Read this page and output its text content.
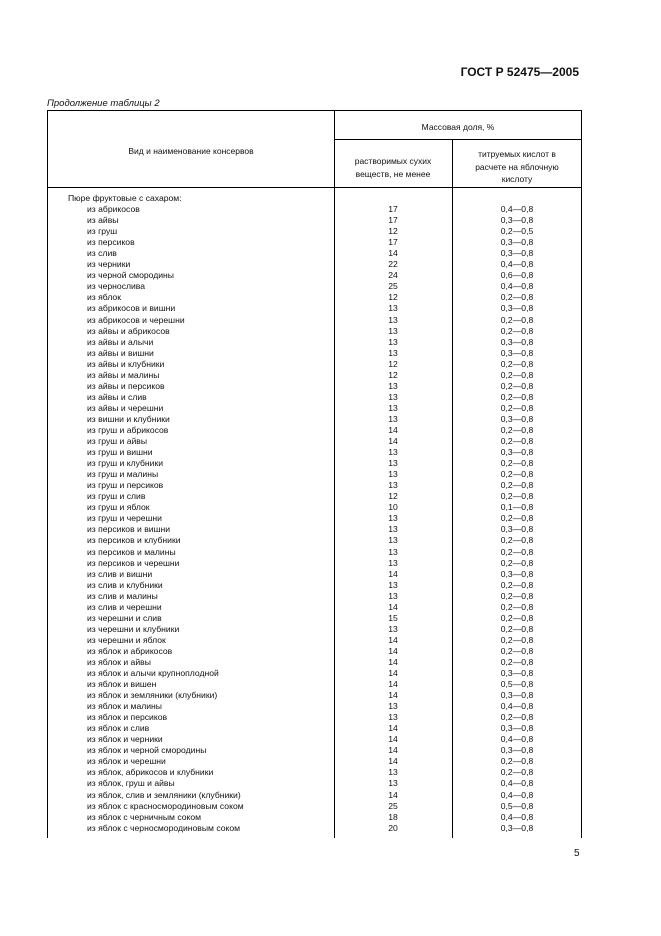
ГОСТ Р 52475—2005
Продолжение таблицы 2
Вид и наименование консервов
Массовая доля, %
растворимых сухих веществ, не менее
титруемых кислот в расчете на яблочную кислоту
Пюре фруктовые с сахаром:
из абрикосов	17	0,4—0,8
из айвы	17	0,3—0,8
из груш	12	0,2—0,5
из персиков	17	0,3—0,8
из слив	14	0,3—0,8
из черники	22	0,4—0,8
из черной смородины	24	0,6—0,8
из чернослива	25	0,4—0,8
из яблок	12	0,2—0,8
из абрикосов и вишни	13	0,3—0,8
из абрикосов и черешни	13	0,2—0,8
из айвы и абрикосов	13	0,2—0,8
из айвы и алычи	13	0,3—0,8
из айвы и вишни	13	0,3—0,8
из айвы и клубники	12	0,2—0,8
из айвы и малины	12	0,2—0,8
из айвы и персиков	13	0,2—0,8
из айвы и слив	13	0,2—0,8
из айвы и черешни	13	0,2—0,8
из вишни и клубники	13	0,3—0,8
из груш и абрикосов	14	0,2—0,8
из груш и айвы	14	0,2—0,8
из груш и вишни	13	0,3—0,8
из груш и клубники	13	0,2—0,8
из груш и малины	13	0,2—0,8
из груш и персиков	13	0,2—0,8
из груш и слив	12	0,2—0,8
из груш и яблок	10	0,1—0,8
из груш и черешни	13	0,2—0,8
из персиков и вишни	13	0,3—0,8
из персиков и клубники	13	0,2—0,8
из персиков и малины	13	0,2—0,8
из персиков и черешни	13	0,2—0,8
из слив и вишни	14	0,3—0,8
из слив и клубники	13	0,2—0,8
из слив и малины	13	0,2—0,8
из слив и черешни	14	0,2—0,8
из черешни и слив	15	0,2—0,8
из черешни и клубники	13	0,2—0,8
из черешни и яблок	14	0,2—0,8
из яблок и абрикосов	14	0,2—0,8
из яблок и айвы	14	0,2—0,8
из яблок и алычи крупноплодной	14	0,3—0,8
из яблок и вишен	14	0,5—0,8
из яблок и земляники (клубники)	14	0,3—0,8
из яблок и малины	13	0,4—0,8
из яблок и персиков	13	0,2—0,8
из яблок и слив	14	0,3—0,8
из яблок и черники	14	0,4—0,8
из яблок и черной смородины	14	0,3—0,8
из яблок и черешни	14	0,2—0,8
из яблок, абрикосов и клубники	13	0,2—0,8
из яблок, груш и айвы	13	0,4—0,8
из яблок, слив и земляники (клубники)	14	0,4—0,8
из яблок с красносмородиновым соком	25	0,5—0,8
из яблок с черничным соком	18	0,4—0,8
из яблок с черносмородиновым соком	20	0,3—0,8
5
